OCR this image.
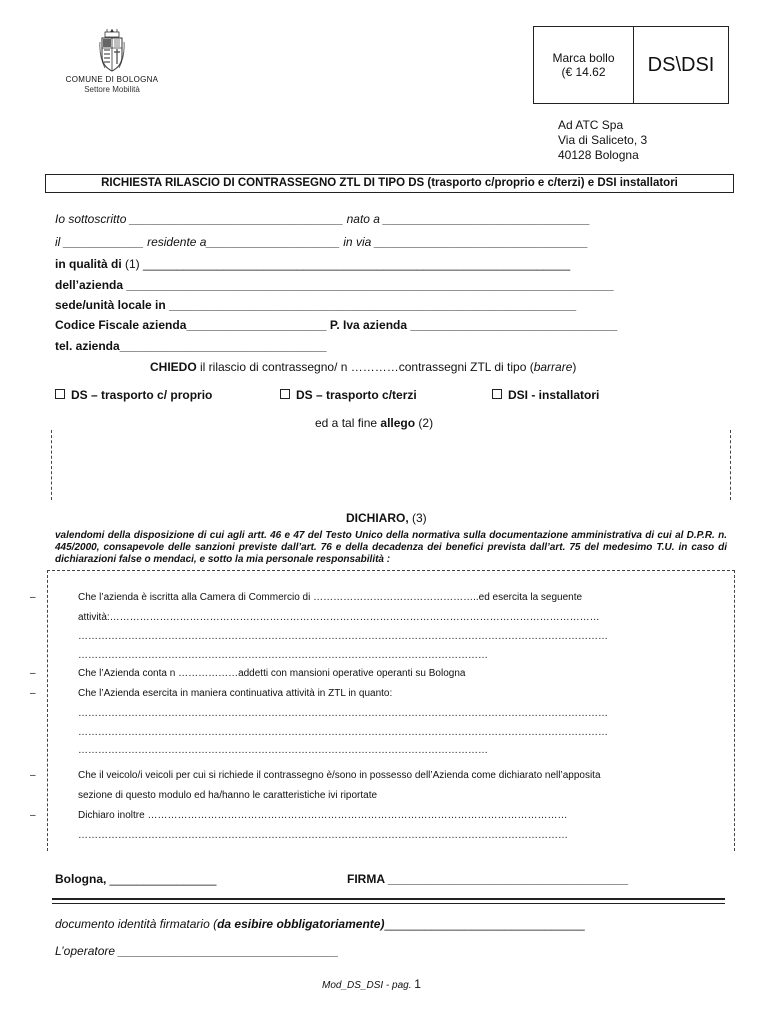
COMUNE DI BOLOGNA
Settore Mobilità
Marca bollo
(€ 14.62	DS\DSI
Ad ATC Spa
Via di Saliceto, 3
40128 Bologna
RICHIESTA RILASCIO DI CONTRASSEGNO ZTL DI TIPO DS (trasporto c/proprio e c/terzi) e DSI installatori
Io sottoscritto ________________________________ nato a _______________________________
il ____________ residente a____________________ in via ________________________________
in qualità di (1) ________________________________________________________________
dell’azienda _________________________________________________________________________
sede/unità locale in _____________________________________________________________
Codice Fiscale azienda_____________________ P. Iva azienda _______________________________
tel. azienda_______________________________
CHIEDO il rilascio di contrassegno/ n …………contrassegni ZTL di tipo (barrare)
DS – trasporto c/ proprio	DS – trasporto c/terzi	DSI - installatori
ed a tal fine allego (2)
DICHIARO, (3)
valendomi della disposizione di cui agli artt. 46 e 47 del Testo Unico della normativa sulla documentazione amministrativa di cui al D.P.R. n. 445/2000, consapevole delle sanzioni previste dall’art. 76 e della decadenza dei benefici prevista dall’art. 75 del medesimo T.U. in caso di dichiarazioni false o mendaci, e sotto la mia personale responsabilità :
–	Che l’azienda è iscritta alla Camera di Commercio di …………………………………………..ed esercita la seguente
attività:…………………………………………………………………………………………………………………………………
……………………………………………………………………………………………………………………………………………
……………………………………………………………………………………………………………
–	Che l’Azienda conta n ………………addetti con mansioni operative operanti su Bologna
–	Che l’Azienda esercita in maniera continuativa attività in ZTL in quanto:
……………………………………………………………………………………………………………………………………………
……………………………………………………………………………………………………………………………………………
……………………………………………………………………………………………………………
–	Che il veicolo/i veicoli per cui si richiede il contrassegno è/sono in possesso dell’Azienda come dichiarato nell’apposita
sezione di questo modulo ed ha/hanno le caratteristiche ivi riportate
–	Dichiaro inoltre ………………………………………………………………………………………………………………
…………………………………………………………………………………………………………………………………
Bologna, ________________	FIRMA ____________________________________
documento identità firmatario (da esibire obbligatoriamente)______________________________
L’operatore _________________________________
Mod_DS_DSI - pag. 1
